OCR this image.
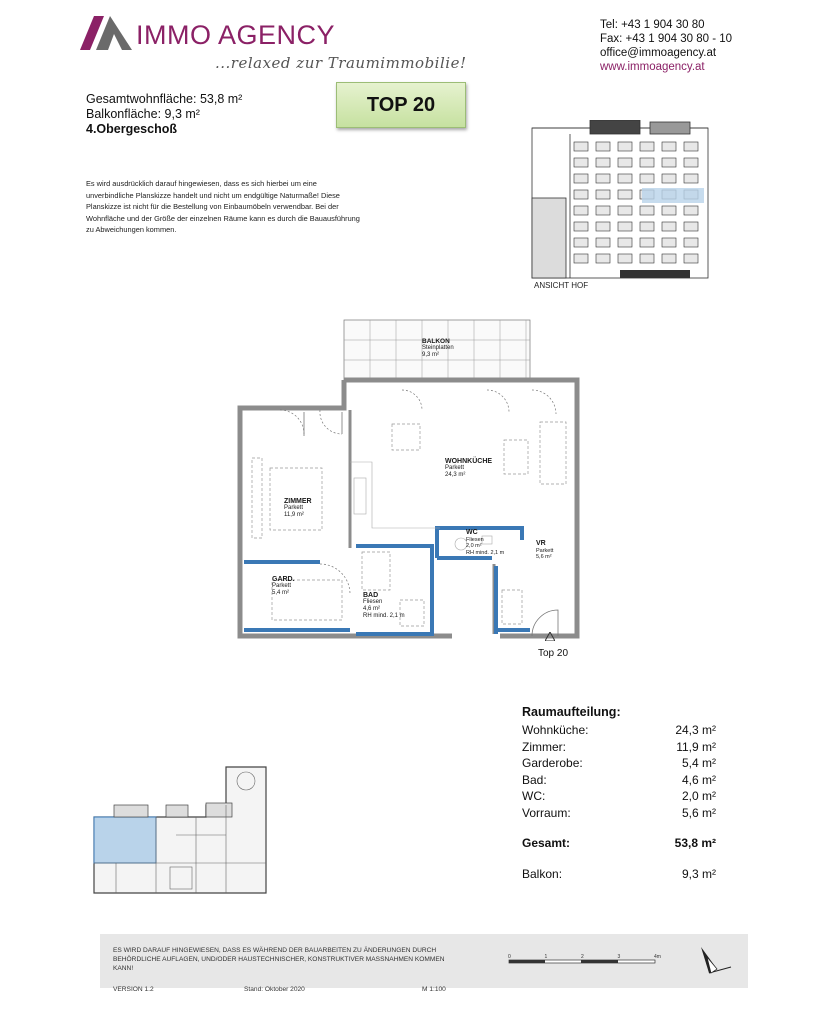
IMMO AGENCY
...relaxed zur Traumimmobilie!
Tel: +43 1 904 30 80
Fax: +43 1 904 30 80 - 10
office@immoagency.at
www.immoagency.at
Gesamtwohnfläche: 53,8 m²
Balkonfläche: 9,3 m²
4.Obergeschoß
TOP 20
Es wird ausdrücklich darauf hingewiesen, dass es sich hierbei um eine unverbindliche Planskizze handelt und nicht um endgültige Naturmaße! Diese Planskizze ist nicht für die Bestellung von Einbaumöbeln verwendbar. Bei der Wohnfläche und der Größe der einzelnen Räume kann es durch die Bauausführung zu Abweichungen kommen.
ANSICHT HOF
BALKON
Steinplatten
9,3 m²
WOHNKÜCHE
Parkett
24,3 m²
ZIMMER
Parkett
11,9 m²
GARD.
Parkett
5,4 m²	BAD
Fliesen
4,6 m²
RH mind. 2,1 m
WC
Fliesen
2,0 m²
RH mind. 2,1 m
VR
Parkett
5,6 m²
Top 20
Raumaufteilung:
Wohnküche:	24,3 m²
Zimmer:	11,9 m²
Garderobe:	5,4 m²
Bad:	4,6 m²
WC:	2,0 m²
Vorraum:	5,6 m²
Gesamt:	53,8 m²
Balkon:	9,3 m²
ES WIRD DARAUF HINGEWIESEN, DASS ES WÄHREND DER BAUARBEITEN ZU ÄNDERUNGEN DURCH BEHÖRDLICHE AUFLAGEN, UND/ODER HAUSTECHNISCHER, KONSTRUKTIVER MASSNAHMEN KOMMEN KANN!
VERSION 1.2	Stand: Oktober 2020	M 1:100
0	1	2	3	4m
